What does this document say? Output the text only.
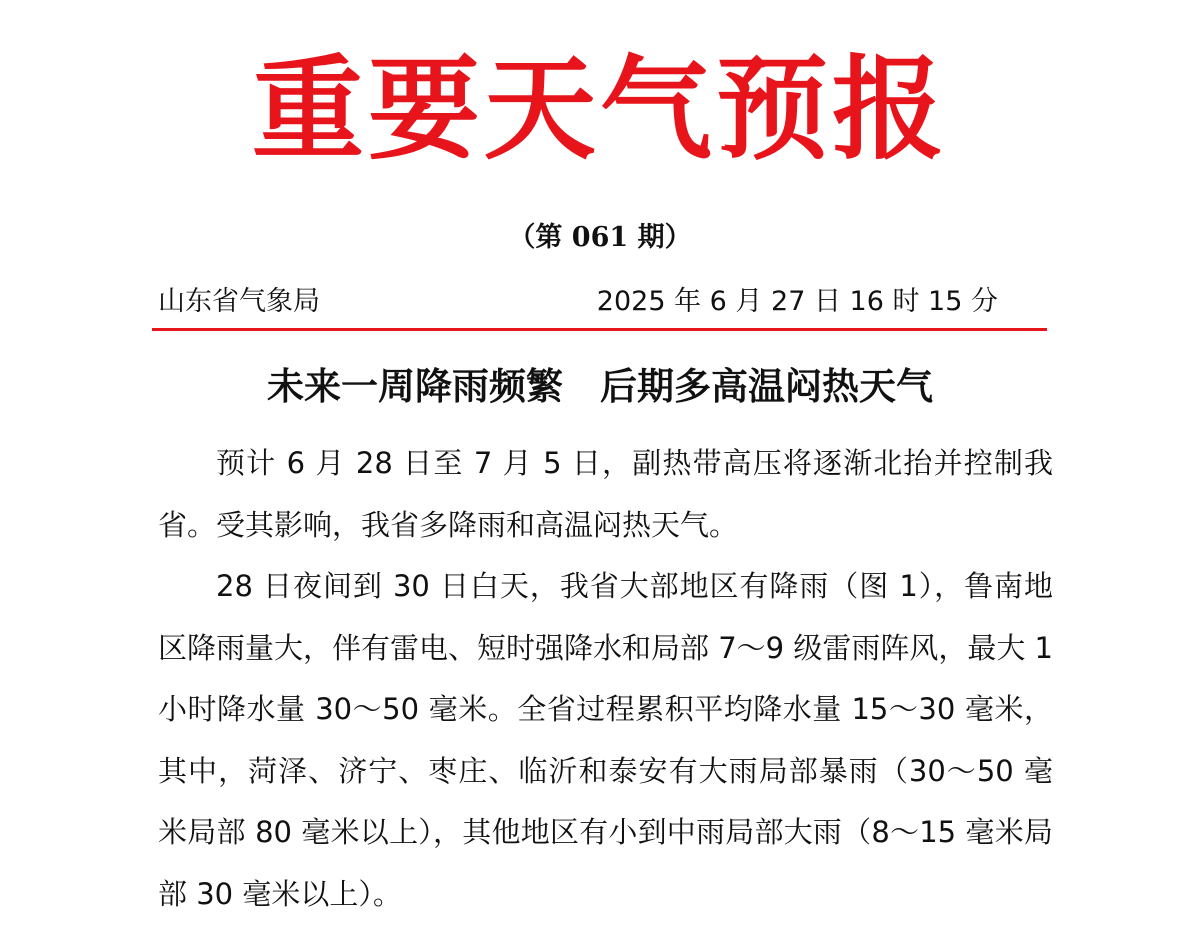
重要天气预报
（第 061 期）
山东省气象局	2025 年 6 月 27 日 16 时 15 分
未来一周降雨频繁　后期多高温闷热天气

预计 6 月 28 日至 7 月 5 日，副热带高压将逐渐北抬并控制我省。受其影响，我省多降雨和高温闷热天气。

28 日夜间到 30 日白天，我省大部地区有降雨（图 1），鲁南地区降雨量大，伴有雷电、短时强降水和局部 7～9 级雷雨阵风，最大 1 小时降水量 30～50 毫米。全省过程累积平均降水量 15～30 毫米，其中，菏泽、济宁、枣庄、临沂和泰安有大雨局部暴雨（30～50 毫米局部 80 毫米以上），其他地区有小到中雨局部大雨（8～15 毫米局部 30 毫米以上）。
